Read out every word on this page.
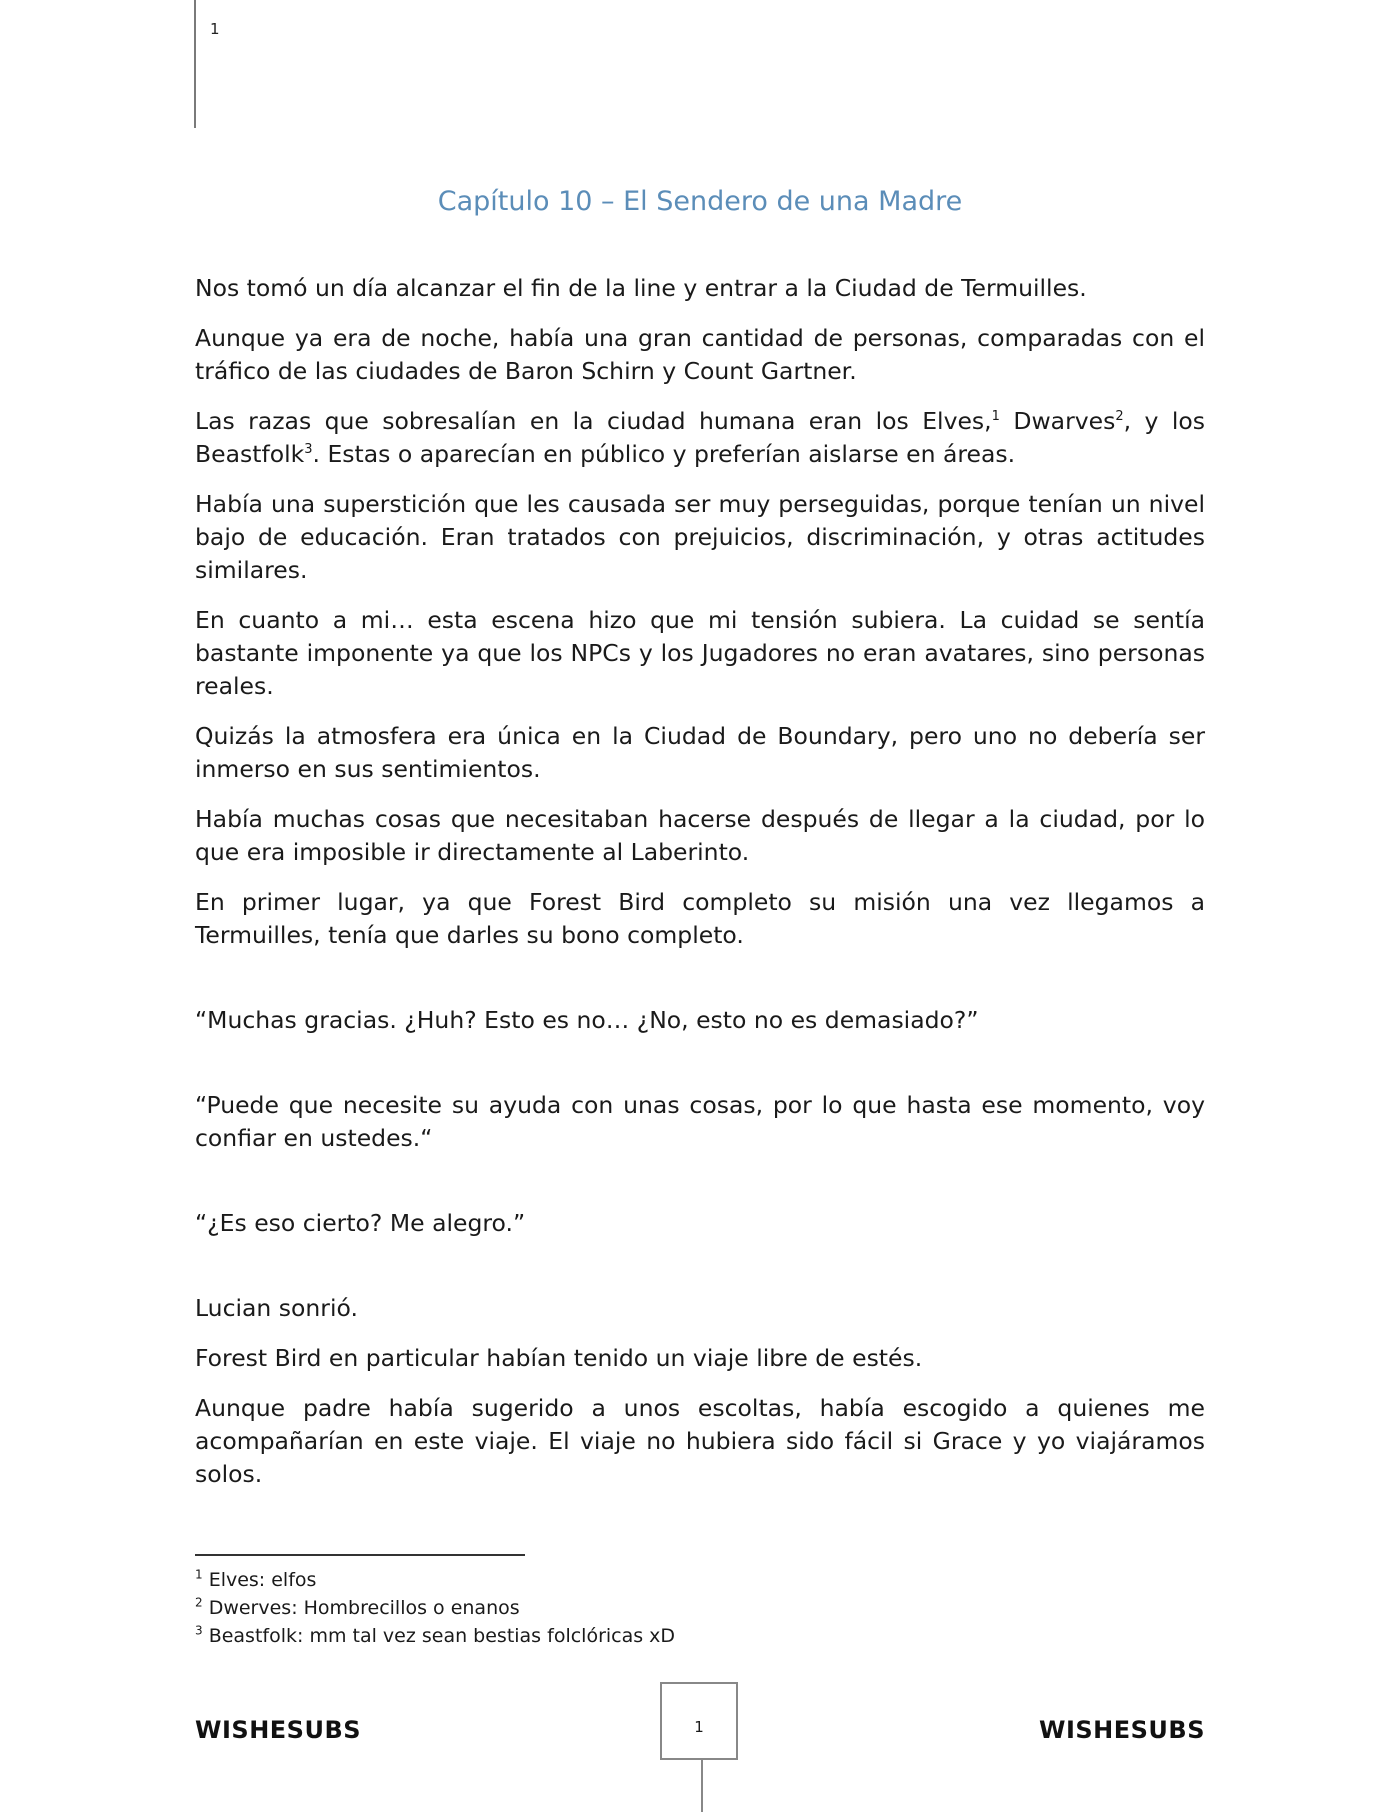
1
Capítulo 10 – El Sendero de una Madre

Nos tomó un día alcanzar el fin de la line y entrar a la Ciudad de Termuilles.

Aunque ya era de noche, había una gran cantidad de personas, comparadas con el tráfico de las ciudades de Baron Schirn y Count Gartner.

Las razas que sobresalían en la ciudad humana eran los Elves,$^1$ Dwarves$^2$, y los Beastfolk$^3$. Estas o aparecían en público y preferían aislarse en áreas.

Había una superstición que les causada ser muy perseguidas, porque tenían un nivel bajo de educación. Eran tratados con prejuicios, discriminación, y otras actitudes similares.

En cuanto a mi… esta escena hizo que mi tensión subiera. La cuidad se sentía bastante imponente ya que los NPCs y los Jugadores no eran avatares, sino personas reales.

Quizás la atmosfera era única en la Ciudad de Boundary, pero uno no debería ser inmerso en sus sentimientos.

Había muchas cosas que necesitaban hacerse después de llegar a la ciudad, por lo que era imposible ir directamente al Laberinto.

En primer lugar, ya que Forest Bird completo su misión una vez llegamos a Termuilles, tenía que darles su bono completo.

“Muchas gracias. ¿Huh? Esto es no… ¿No, esto no es demasiado?”

“Puede que necesite su ayuda con unas cosas, por lo que hasta ese momento, voy confiar en ustedes.“

“¿Es eso cierto? Me alegro.”

Lucian sonrió.

Forest Bird en particular habían tenido un viaje libre de estés.

Aunque padre había sugerido a unos escoltas, había escogido a quienes me acompañarían en este viaje. El viaje no hubiera sido fácil si Grace y yo viajáramos solos.

$^1$ Elves: elfos
$^2$ Dwerves: Hombrecillos o enanos
$^3$ Beastfolk: mm tal vez sean bestias folclóricas xD
WISHESUBS	1	WISHESUBS
